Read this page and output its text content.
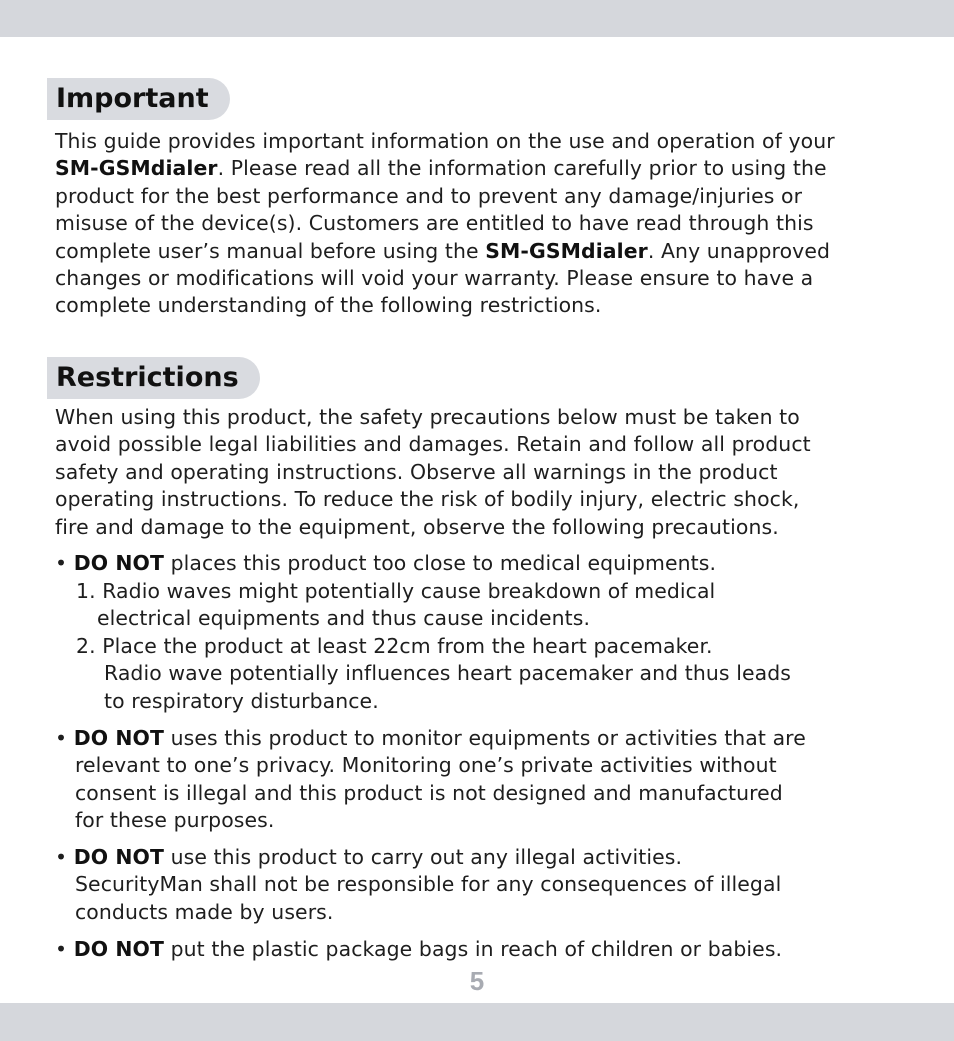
Important
This guide provides important information on the use and operation of your
SM-GSMdialer. Please read all the information carefully prior to using the
product for the best performance and to prevent any damage/injuries or
misuse of the device(s). Customers are entitled to have read through this
complete user’s manual before using the SM-GSMdialer. Any unapproved
changes or modifications will void your warranty. Please ensure to have a
complete understanding of the following restrictions.
Restrictions
When using this product, the safety precautions below must be taken to
avoid possible legal liabilities and damages. Retain and follow all product
safety and operating instructions. Observe all warnings in the product
operating instructions. To reduce the risk of bodily injury, electric shock,
fire and damage to the equipment, observe the following precautions.
• DO NOT places this product too close to medical equipments.
1. Radio waves might potentially cause breakdown of medical
electrical equipments and thus cause incidents.
2. Place the product at least 22cm from the heart pacemaker.
Radio wave potentially influences heart pacemaker and thus leads
to respiratory disturbance.
• DO NOT uses this product to monitor equipments or activities that are
relevant to one’s privacy. Monitoring one’s private activities without
consent is illegal and this product is not designed and manufactured
for these purposes.
• DO NOT use this product to carry out any illegal activities.
SecurityMan shall not be responsible for any consequences of illegal
conducts made by users.
• DO NOT put the plastic package bags in reach of children or babies.
5
